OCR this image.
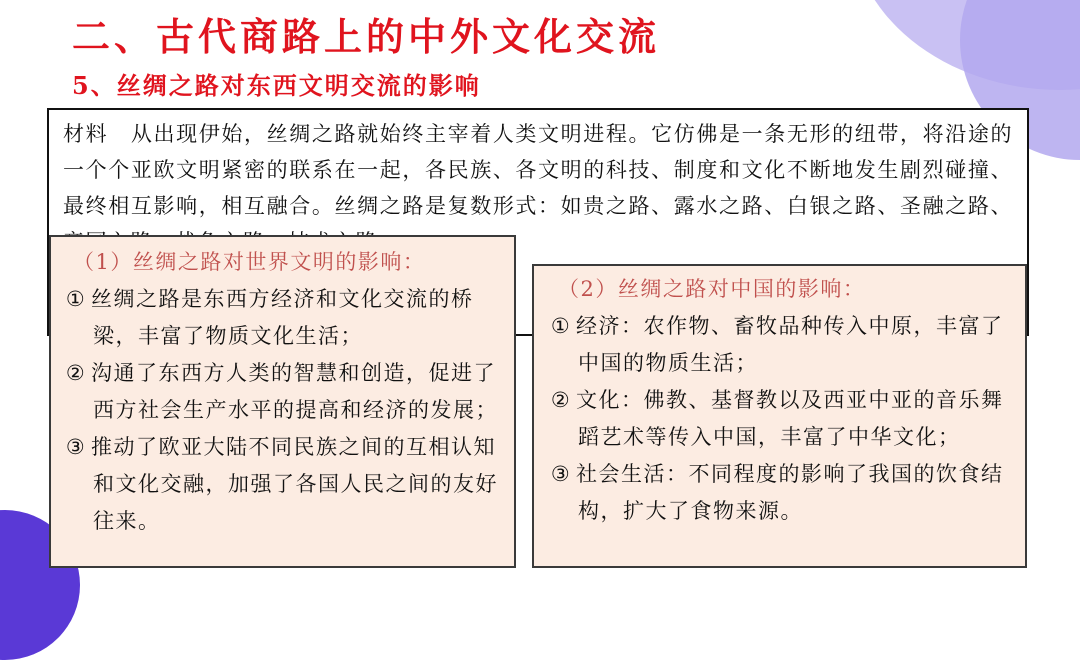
二、古代商路上的中外文化交流
5、丝绸之路对东西文明交流的影响

材料　从出现伊始，丝绸之路就始终主宰着人类文明进程。它仿佛是一条无形的纽带，将沿途的一个个亚欧文明紧密的联系在一起，各民族、各文明的科技、制度和文化不断地发生剧烈碰撞、最终相互影响，相互融合。丝绸之路是复数形式：如贵之路、露水之路、白银之路、圣融之路、

（1）丝绸之路对世界文明的影响：
① 丝绸之路是东西方经济和文化交流的桥梁，丰富了物质文化生活；
② 沟通了东西方人类的智慧和创造，促进了西方社会生产水平的提高和经济的发展；
③ 推动了欧亚大陆不同民族之间的互相认知和文化交融，加强了各国人民之间的友好往来。
（2）丝绸之路对中国的影响：
① 经济：农作物、畜牧品种传入中原，丰富了中国的物质生活；
② 文化：佛教、基督教以及西亚中亚的音乐舞蹈艺术等传入中国，丰富了中华文化；
③ 社会生活：不同程度的影响了我国的饮食结构，扩大了食物来源。
